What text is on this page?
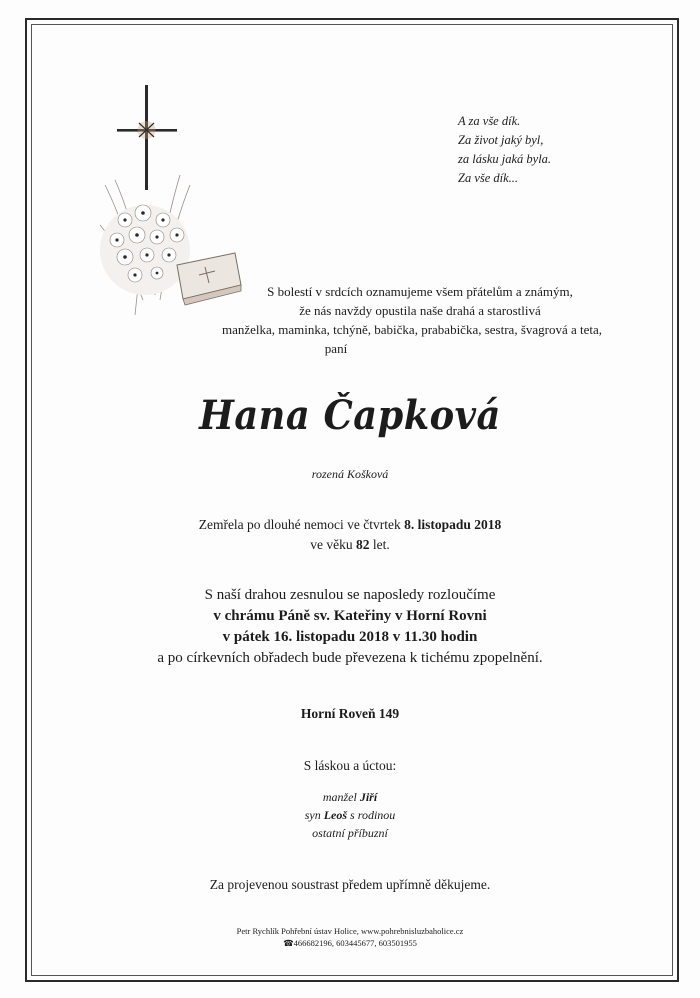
A za vše dík.
Za život jaký byl,
za lásku jaká byla.
Za vše dík...
S bolestí v srdcích oznamujeme všem přátelům a známým,
že nás navždy opustila naše drahá a starostlivá
manželka, maminka, tchýně, babička, prababička, sestra, švagrová a teta,
paní
Hana Čapková
rozená Košková
Zemřela po dlouhé nemoci ve čtvrtek 8. listopadu 2018
ve věku 82 let.
S naší drahou zesnulou se naposledy rozloučíme
v chrámu Páně sv. Kateřiny v Horní Rovni
v pátek 16. listopadu 2018 v 11.30 hodin
a po církevních obřadech bude převezena k tichému zpopelnění.
Horní Roveň 149
S láskou a úctou:
manžel Jiří
syn Leoš s rodinou
ostatní příbuzní
Za projevenou soustrast předem upřímně děkujeme.
Petr Rychlík Pohřební ústav Holice, www.pohrebnisluzbaholice.cz
☎466682196, 603445677, 603501955
